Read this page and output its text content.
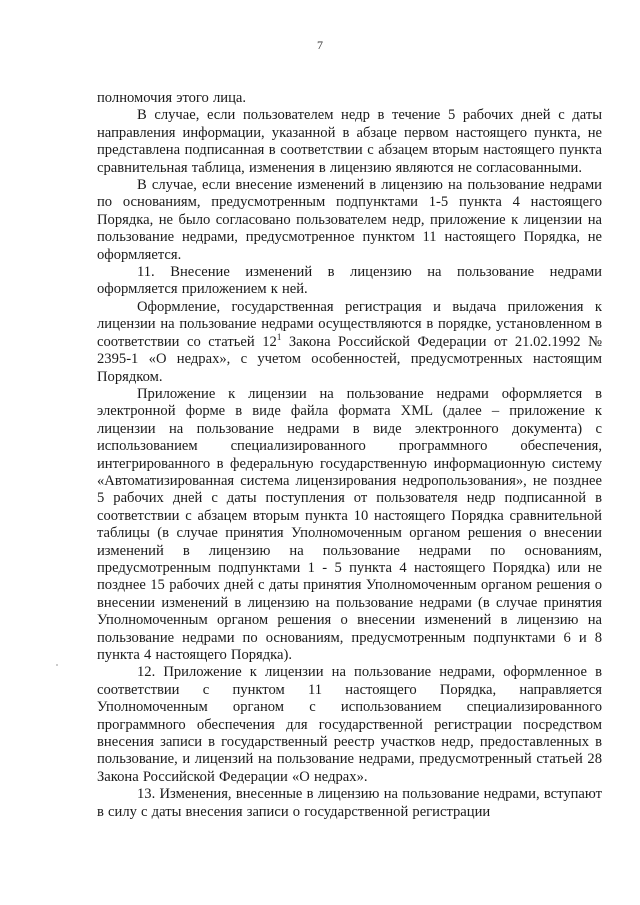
7

полномочия этого лица.

В случае, если пользователем недр в течение 5 рабочих дней с даты направления информации, указанной в абзаце первом настоящего пункта, не представлена подписанная в соответствии с абзацем вторым настоящего пункта сравнительная таблица, изменения в лицензию являются не согласованными.

В случае, если внесение изменений в лицензию на пользование недрами по основаниям, предусмотренным подпунктами 1-5 пункта 4 настоящего Порядка, не было согласовано пользователем недр, приложение к лицензии на пользование недрами, предусмотренное пунктом 11 настоящего Порядка, не оформляется.

11. Внесение изменений в лицензию на пользование недрами оформляется приложением к ней.

Оформление, государственная регистрация и выдача приложения к лицензии на пользование недрами осуществляются в порядке, установленном в соответствии со статьей $12^1$ Закона Российской Федерации от 21.02.1992 № 2395-1 «О недрах», с учетом особенностей, предусмотренных настоящим Порядком.

Приложение к лицензии на пользование недрами оформляется в электронной форме в виде файла формата XML (далее – приложение к лицензии на пользование недрами в виде электронного документа) с использованием специализированного программного обеспечения, интегрированного в федеральную государственную информационную систему «Автоматизированная система лицензирования недропользования», не позднее 5 рабочих дней с даты поступления от пользователя недр подписанной в соответствии с абзацем вторым пункта 10 настоящего Порядка сравнительной таблицы (в случае принятия Уполномоченным органом решения о внесении изменений в лицензию на пользование недрами по основаниям, предусмотренным подпунктами 1 - 5 пункта 4 настоящего Порядка) или не позднее 15 рабочих дней с даты принятия Уполномоченным органом решения о внесении изменений в лицензию на пользование недрами (в случае принятия Уполномоченным органом решения о внесении изменений в лицензию на пользование недрами по основаниям, предусмотренным подпунктами 6 и 8 пункта 4 настоящего Порядка).

12. Приложение к лицензии на пользование недрами, оформленное в соответствии с пунктом 11 настоящего Порядка, направляется Уполномоченным органом с использованием специализированного программного обеспечения для государственной регистрации посредством внесения записи в государственный реестр участков недр, предоставленных в пользование, и лицензий на пользование недрами, предусмотренный статьей 28 Закона Российской Федерации «О недрах».

13. Изменения, внесенные в лицензию на пользование недрами, вступают в силу с даты внесения записи о государственной регистрации
